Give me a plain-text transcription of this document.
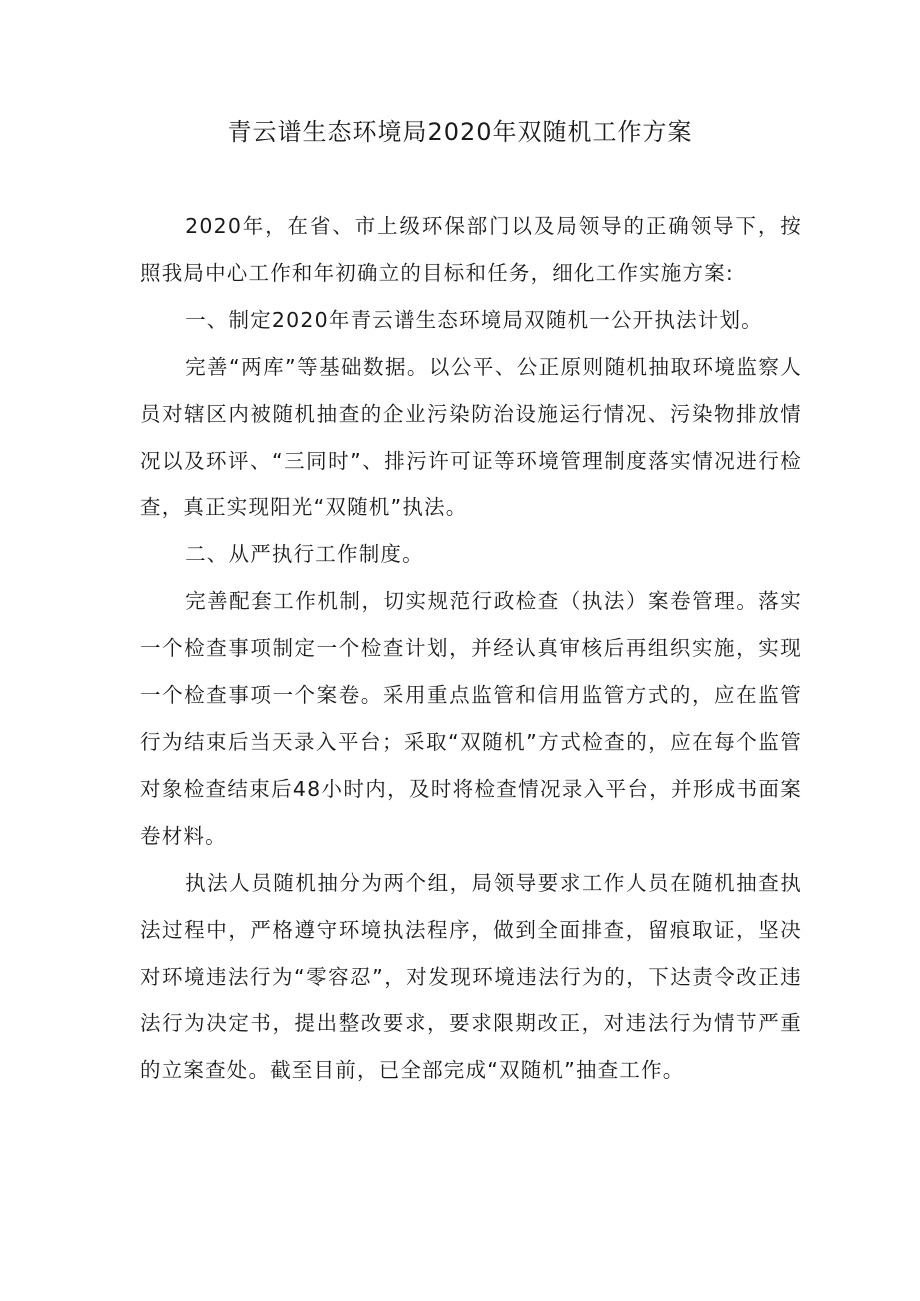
青云谱生态环境局2020年双随机工作方案

2020年，在省、市上级环保部门以及局领导的正确领导下，按照我局中心工作和年初确立的目标和任务，细化工作实施方案:

一、制定2020年青云谱生态环境局双随机一公开执法计划。

完善“两库”等基础数据。以公平、公正原则随机抽取环境监察人员对辖区内被随机抽查的企业污染防治设施运行情况、污染物排放情况以及环评、“三同时”、排污许可证等环境管理制度落实情况进行检查，真正实现阳光“双随机”执法。

二、从严执行工作制度。

完善配套工作机制，切实规范行政检查（执法）案卷管理。落实一个检查事项制定一个检查计划，并经认真审核后再组织实施，实现一个检查事项一个案卷。采用重点监管和信用监管方式的，应在监管行为结束后当天录入平台；采取“双随机”方式检查的，应在每个监管对象检查结束后48小时内，及时将检查情况录入平台，并形成书面案卷材料。

执法人员随机抽分为两个组，局领导要求工作人员在随机抽查执法过程中，严格遵守环境执法程序，做到全面排查，留痕取证，坚决对环境违法行为“零容忍”，对发现环境违法行为的，下达责令改正违法行为决定书，提出整改要求，要求限期改正，对违法行为情节严重的立案查处。截至目前，已全部完成“双随机”抽查工作。
